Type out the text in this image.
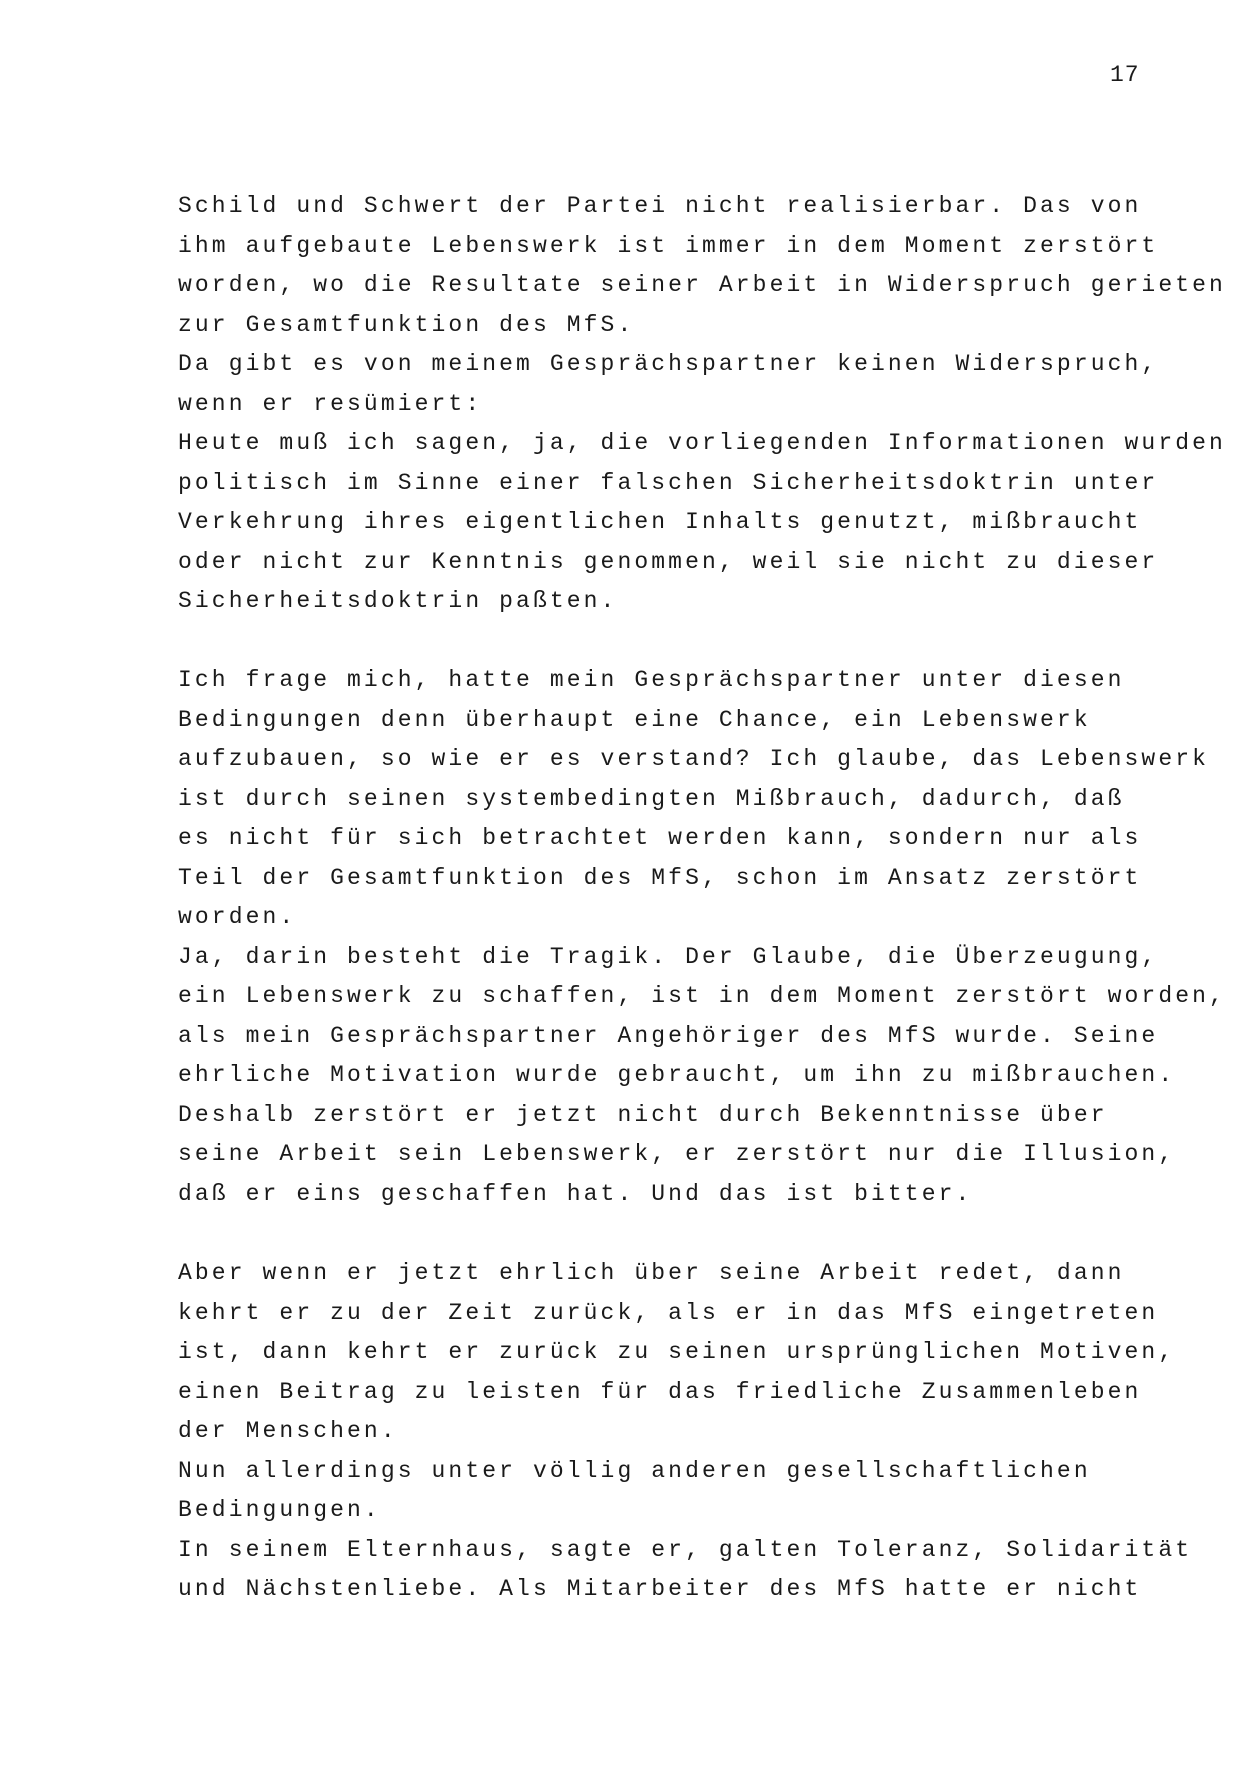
17
Schild und Schwert der Partei nicht realisierbar. Das von
ihm aufgebaute Lebenswerk ist immer in dem Moment zerstört
worden, wo die Resultate seiner Arbeit in Widerspruch gerieten
zur Gesamtfunktion des MfS.
Da gibt es von meinem Gesprächspartner keinen Widerspruch,
wenn er resümiert:
Heute muß ich sagen, ja, die vorliegenden Informationen wurden
politisch im Sinne einer falschen Sicherheitsdoktrin unter
Verkehrung ihres eigentlichen Inhalts genutzt, mißbraucht
oder nicht zur Kenntnis genommen, weil sie nicht zu dieser
Sicherheitsdoktrin paßten.
Ich frage mich, hatte mein Gesprächspartner unter diesen
Bedingungen denn überhaupt eine Chance, ein Lebenswerk
aufzubauen, so wie er es verstand? Ich glaube, das Lebenswerk
ist durch seinen systembedingten Mißbrauch, dadurch, daß
es nicht für sich betrachtet werden kann, sondern nur als
Teil der Gesamtfunktion des MfS, schon im Ansatz zerstört
worden.
Ja, darin besteht die Tragik. Der Glaube, die Überzeugung,
ein Lebenswerk zu schaffen, ist in dem Moment zerstört worden,
als mein Gesprächspartner Angehöriger des MfS wurde. Seine
ehrliche Motivation wurde gebraucht, um ihn zu mißbrauchen.
Deshalb zerstört er jetzt nicht durch Bekenntnisse über
seine Arbeit sein Lebenswerk, er zerstört nur die Illusion,
daß er eins geschaffen hat. Und das ist bitter.
Aber wenn er jetzt ehrlich über seine Arbeit redet, dann
kehrt er zu der Zeit zurück, als er in das MfS eingetreten
ist, dann kehrt er zurück zu seinen ursprünglichen Motiven,
einen Beitrag zu leisten für das friedliche Zusammenleben
der Menschen.
Nun allerdings unter völlig anderen gesellschaftlichen
Bedingungen.
In seinem Elternhaus, sagte er, galten Toleranz, Solidarität
und Nächstenliebe. Als Mitarbeiter des MfS hatte er nicht
